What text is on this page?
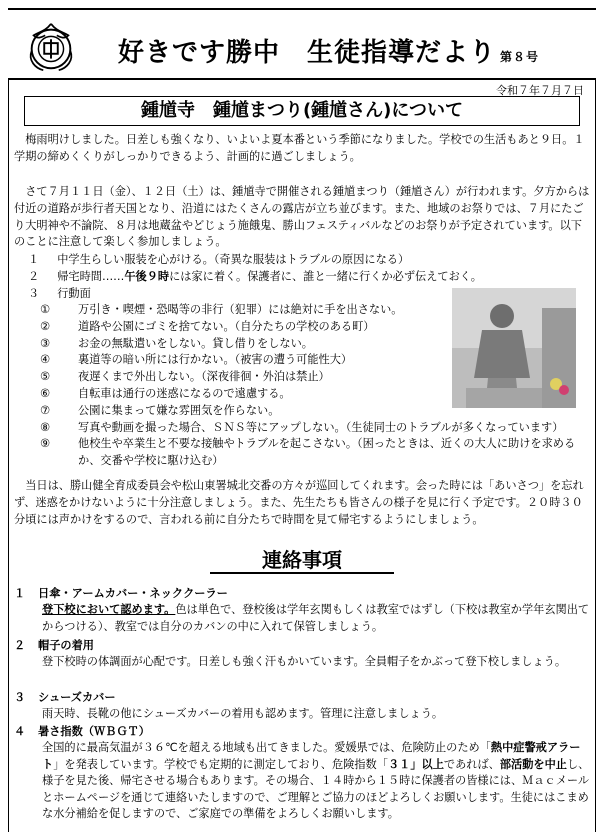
好きです勝中　生徒指導だより 第８号
令和７年７月７日
鍾馗寺　鍾馗まつり(鍾馗さん)について
梅雨明けしました。日差しも強くなり、いよいよ夏本番という季節になりました。学校での生活もあと９日。１学期の締めくくりがしっかりできるよう、計画的に過ごしましょう。
さて７月１１日（金）、１２日（土）は、鍾馗寺で開催される鍾馗まつり（鍾馗さん）が行われます。夕方からは付近の道路が歩行者天国となり、沿道にはたくさんの露店が立ち並びます。また、地域のお祭りでは、７月にたごり大明神や不論院、８月は地蔵盆やどじょう施餓鬼、勝山フェスティバルなどのお祭りが予定されています。以下のことに注意して楽しく参加しましょう。
１　 中学生らしい服装を心がける。（奇異な服装はトラブルの原因になる）
２　 帰宅時間……午後９時には家に着く。保護者に、誰と一緒に行くか必ず伝えておく。
３　 行動面
① 万引き・喫煙・恐喝等の非行（犯罪）には絶対に手を出さない。
② 道路や公園にゴミを捨てない。（自分たちの学校のある町）
③ お金の無駄遣いをしない。貸し借りをしない。
④ 裏道等の暗い所には行かない。（被害の遭う可能性大）
⑤ 夜遅くまで外出しない。（深夜徘徊・外泊は禁止）
⑥ 自転車は通行の迷惑になるので遠慮する。
⑦ 公園に集まって嫌な雰囲気を作らない。
⑧	写真や動画を撮った場合、ＳＮＳ等にアップしない。（生徒同士のトラブルが多くなっています）
⑨	他校生や卒業生と不要な接触やトラブルを起こさない。（困ったときは、近くの大人に助けを求めるか、交番や学校に駆け込む）
当日は、勝山健全育成委員会や松山東署城北交番の方々が巡回してくれます。会った時には「あいさつ」を忘れず、迷惑をかけないように十分注意しましょう。また、先生たちも皆さんの様子を見に行く予定です。２０時３０分頃には声かけをするので、言われる前に自分たちで時間を見て帰宅するようにしましょう。
連絡事項
１ 日傘・アームカバー・ネッククーラー
登下校において認めます。色は単色で、登校後は学年玄関もしくは教室ではずし（下校は教室か学年玄関出てからつける）、教室では自分のカバンの中に入れて保管しましょう。
２ 帽子の着用
登下校時の体調面が心配です。日差しも強く汗もかいています。全員帽子をかぶって登下校しましょう。
３ シューズカバー
雨天時、長靴の他にシューズカバーの着用も認めます。管理に注意しましょう。
４ 暑さ指数（ＷＢＧＴ）
全国的に最高気温が３６℃を超える地域も出てきました。愛媛県では、危険防止のため「熱中症警戒アラート」を発表しています。学校でも定期的に測定しており、危険指数「３１」以上であれば、部活動を中止し、様子を見た後、帰宅させる場合もあります。その場合、１４時から１５時に保護者の皆様には、Ｍａｃメールとホームページを通じて連絡いたしますので、ご理解とご協力のほどよろしくお願いします。生徒にはこまめな水分補給を促しますので、ご家庭での準備をよろしくお願いします。
